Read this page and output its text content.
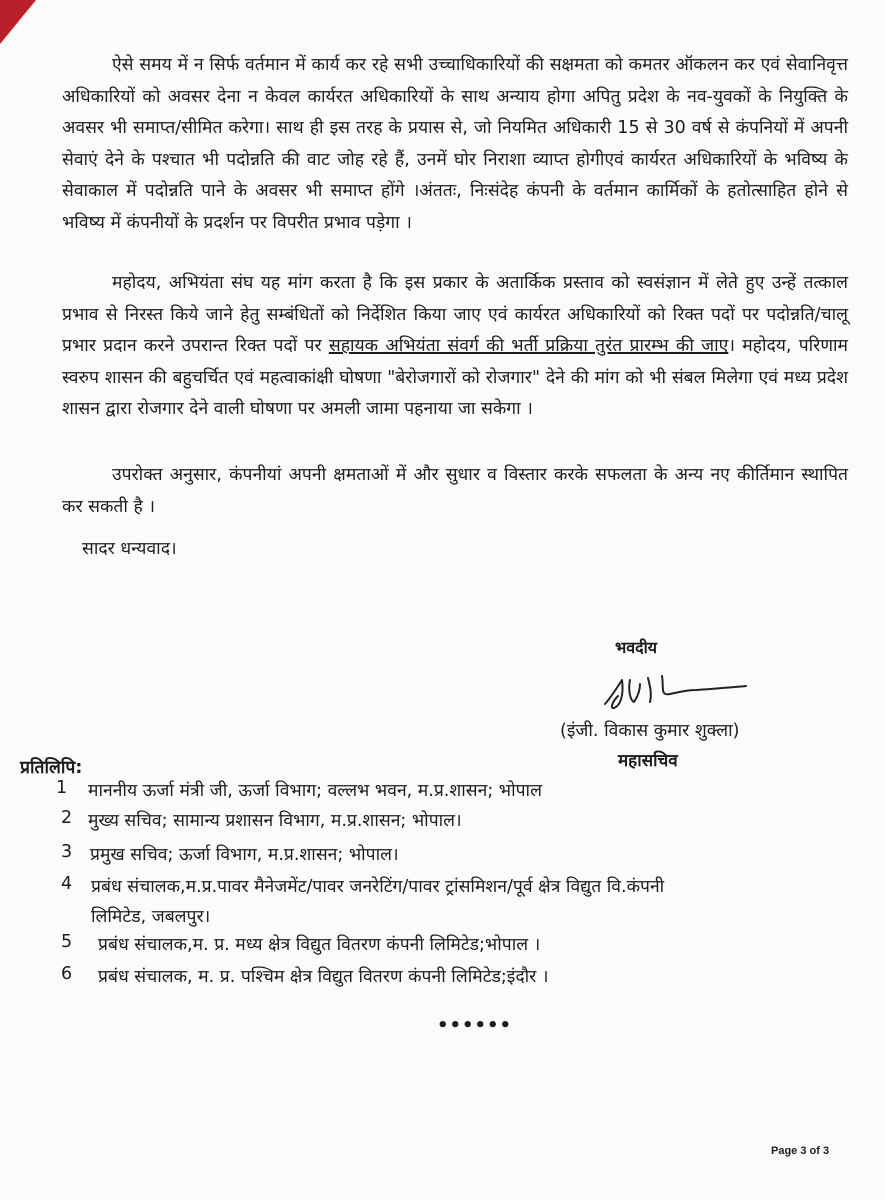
ऐसे समय में न सिर्फ वर्तमान में कार्य कर रहे सभी उच्चाधिकारियों की सक्षमता को कमतर ऑकलन कर एवं सेवानिवृत्त अधिकारियों को अवसर देना न केवल कार्यरत अधिकारियों के साथ अन्याय होगा अपितु प्रदेश के नव-युवकों के नियुक्ति के अवसर भी समाप्त/सीमित करेगा। साथ ही इस तरह के प्रयास से, जो नियमित अधिकारी 15 से 30 वर्ष से कंपनियों में अपनी सेवाएं देने के पश्चात भी पदोन्नति की वाट जोह रहे हैं, उनमें घोर निराशा व्याप्त होगीएवं कार्यरत अधिकारियों के भविष्य के सेवाकाल में पदोन्नति पाने के अवसर भी समाप्त होंगे ।अंततः, निःसंदेह कंपनी के वर्तमान कार्मिकों के हतोत्साहित होने से भविष्य में कंपनीयों के प्रदर्शन पर विपरीत प्रभाव पड़ेगा ।

महोदय, अभियंता संघ यह मांग करता है कि इस प्रकार के अतार्किक प्रस्ताव को स्वसंज्ञान में लेते हुए उन्हें तत्काल प्रभाव से निरस्त किये जाने हेतु सम्बंधितों को निर्देशित किया जाए एवं कार्यरत अधिकारियों को रिक्त पदों पर पदोन्नति/चालू प्रभार प्रदान करने उपरान्त रिक्त पदों पर सहायक अभियंता संवर्ग की भर्ती प्रक्रिया तुरंत प्रारम्भ की जाए। महोदय, परिणाम स्वरुप शासन की बहुचर्चित एवं महत्वाकांक्षी घोषणा "बेरोजगारों को रोजगार" देने की मांग को भी संबल मिलेगा एवं मध्य प्रदेश शासन द्वारा रोजगार देने वाली घोषणा पर अमली जामा पहनाया जा सकेगा ।

उपरोक्त अनुसार, कंपनीयां अपनी क्षमताओं में और सुधार व विस्तार करके सफलता के अन्य नए कीर्तिमान स्थापित कर सकती है ।

सादर धन्यवाद।
भवदीय
(इंजी. विकास कुमार शुक्ला)
महासचिव
प्रतिलिपि:
1 माननीय ऊर्जा मंत्री जी, ऊर्जा विभाग; वल्लभ भवन, म.प्र.शासन; भोपाल
2 मुख्य सचिव; सामान्य प्रशासन विभाग, म.प्र.शासन; भोपाल।
3 प्रमुख सचिव; ऊर्जा विभाग, म.प्र.शासन; भोपाल।
4 प्रबंध संचालक,म.प्र.पावर मैनेजमेंट/पावर जनरेटिंग/पावर ट्रांसमिशन/पूर्व क्षेत्र विद्युत वि.कंपनी
लिमिटेड, जबलपुर।
5 प्रबंध संचालक,म. प्र. मध्य क्षेत्र विद्युत वितरण कंपनी लिमिटेड;भोपाल ।
6 प्रबंध संचालक, म. प्र. पश्चिम क्षेत्र विद्युत वितरण कंपनी लिमिटेड;इंदौर ।
••••••
Page 3 of 3
